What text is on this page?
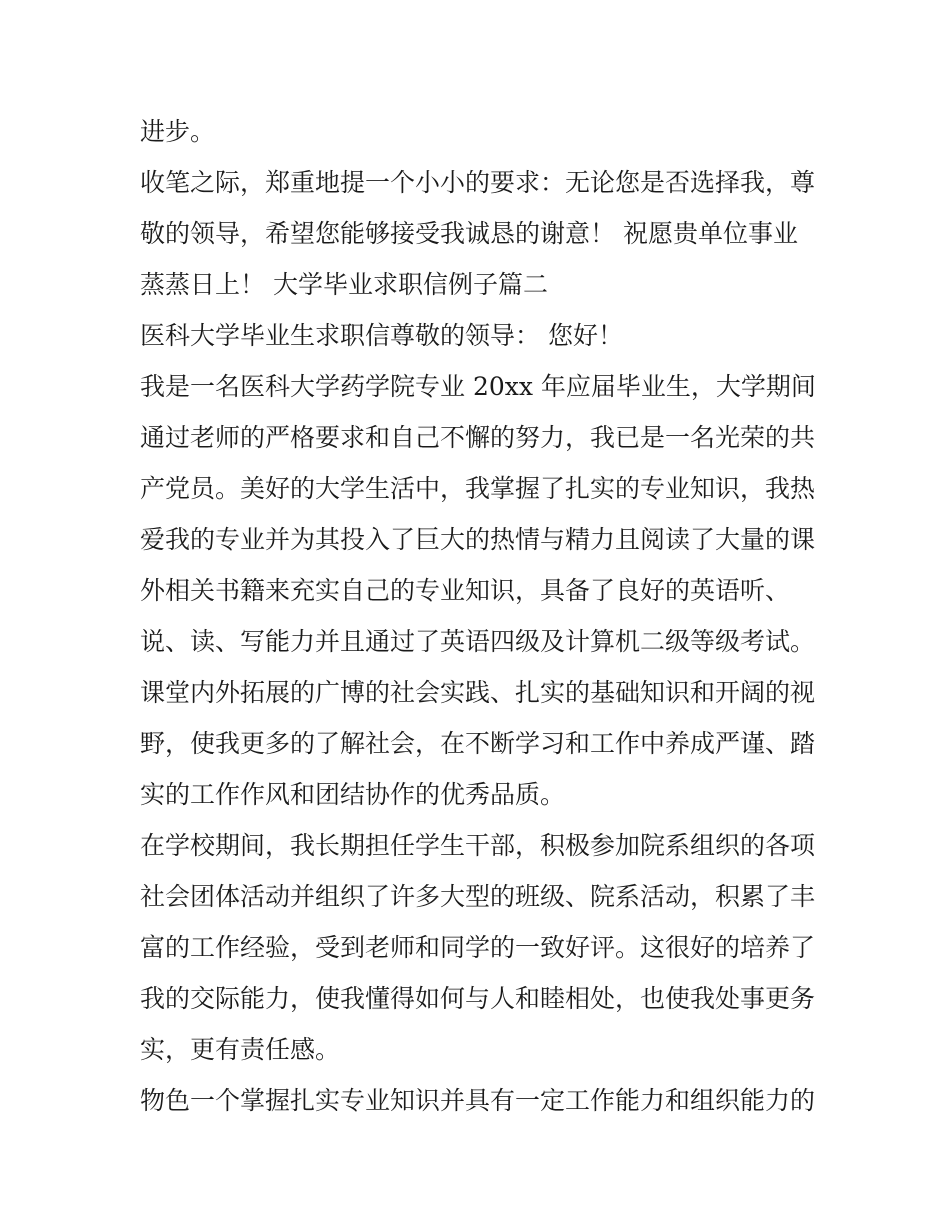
进步。
收笔之际，郑重地提一个小小的要求：无论您是否选择我，尊
敬的领导，希望您能够接受我诚恳的谢意！ 祝愿贵单位事业
蒸蒸日上！ 大学毕业求职信例子篇二
医科大学毕业生求职信尊敬的领导： 您好！
我是一名医科大学药学院专业 20xx 年应届毕业生，大学期间
通过老师的严格要求和自己不懈的努力，我已是一名光荣的共
产党员。美好的大学生活中，我掌握了扎实的专业知识，我热
爱我的专业并为其投入了巨大的热情与精力且阅读了大量的课
外相关书籍来充实自己的专业知识，具备了良好的英语听、
说、读、写能力并且通过了英语四级及计算机二级等级考试。
课堂内外拓展的广博的社会实践、扎实的基础知识和开阔的视
野，使我更多的了解社会，在不断学习和工作中养成严谨、踏
实的工作作风和团结协作的优秀品质。
在学校期间，我长期担任学生干部，积极参加院系组织的各项
社会团体活动并组织了许多大型的班级、院系活动，积累了丰
富的工作经验，受到老师和同学的一致好评。这很好的培养了
我的交际能力，使我懂得如何与人和睦相处，也使我处事更务
实，更有责任感。
物色一个掌握扎实专业知识并具有一定工作能力和组织能力的
